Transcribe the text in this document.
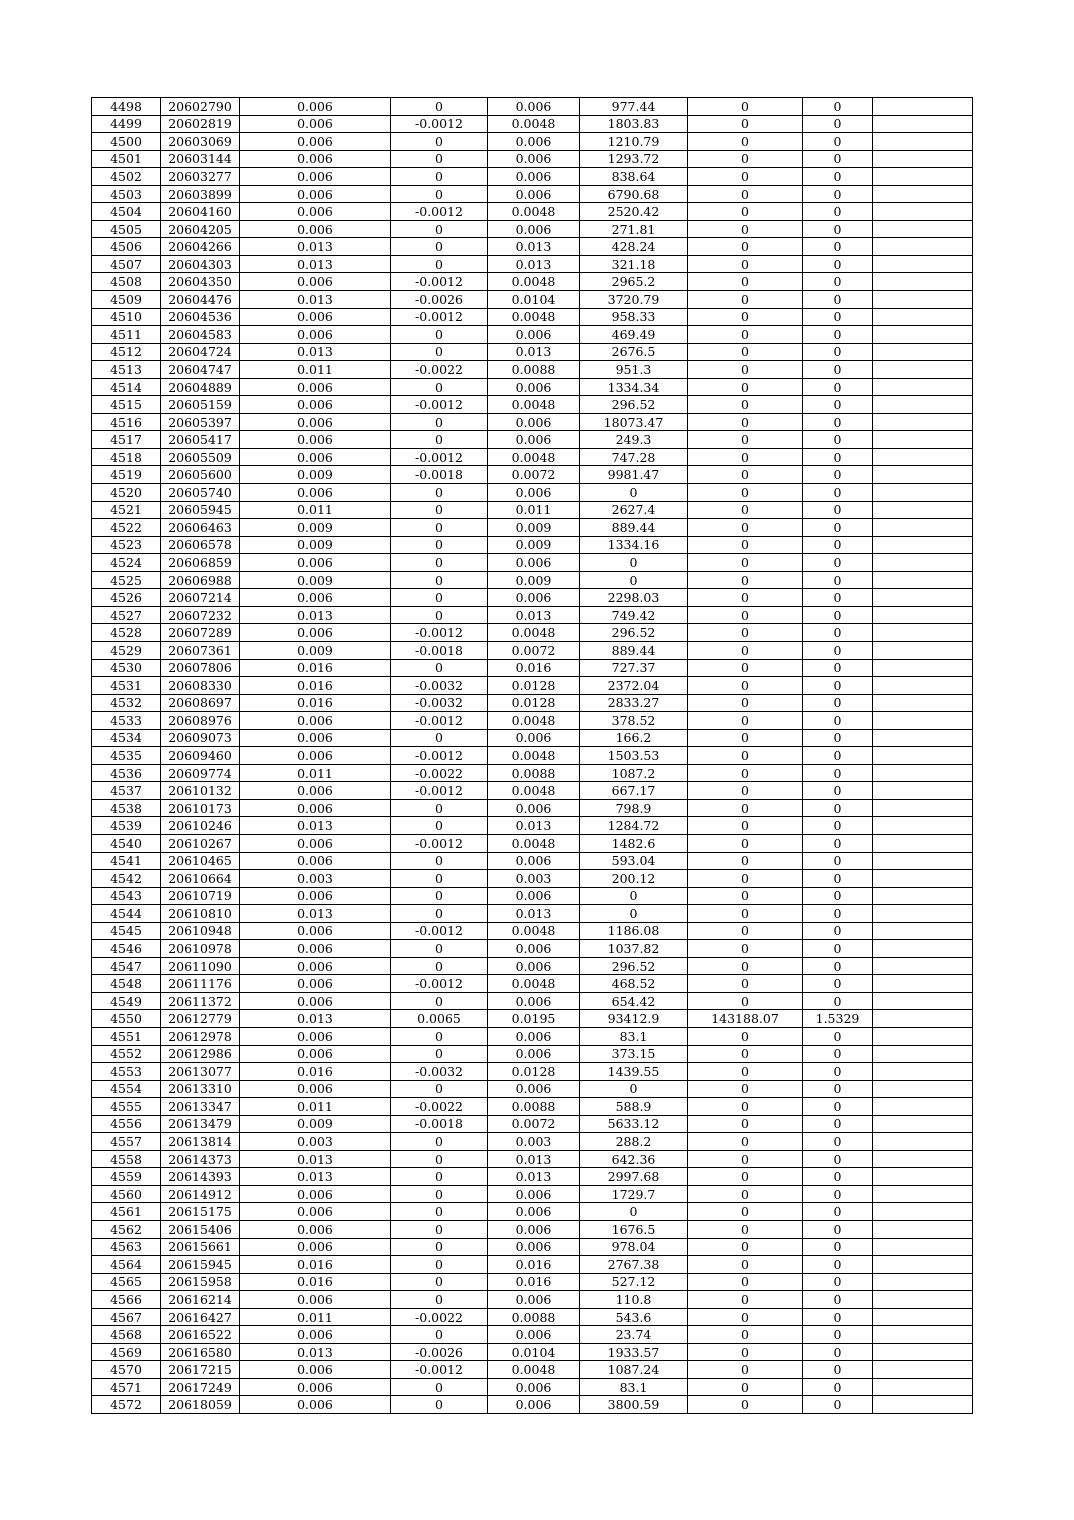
4498	20602790	0.006	0	0.006	977.44	0	0	
4499	20602819	0.006	-0.0012	0.0048	1803.83	0	0	
4500	20603069	0.006	0	0.006	1210.79	0	0	
4501	20603144	0.006	0	0.006	1293.72	0	0	
4502	20603277	0.006	0	0.006	838.64	0	0	
4503	20603899	0.006	0	0.006	6790.68	0	0	
4504	20604160	0.006	-0.0012	0.0048	2520.42	0	0	
4505	20604205	0.006	0	0.006	271.81	0	0	
4506	20604266	0.013	0	0.013	428.24	0	0	
4507	20604303	0.013	0	0.013	321.18	0	0	
4508	20604350	0.006	-0.0012	0.0048	2965.2	0	0	
4509	20604476	0.013	-0.0026	0.0104	3720.79	0	0	
4510	20604536	0.006	-0.0012	0.0048	958.33	0	0	
4511	20604583	0.006	0	0.006	469.49	0	0	
4512	20604724	0.013	0	0.013	2676.5	0	0	
4513	20604747	0.011	-0.0022	0.0088	951.3	0	0	
4514	20604889	0.006	0	0.006	1334.34	0	0	
4515	20605159	0.006	-0.0012	0.0048	296.52	0	0	
4516	20605397	0.006	0	0.006	18073.47	0	0	
4517	20605417	0.006	0	0.006	249.3	0	0	
4518	20605509	0.006	-0.0012	0.0048	747.28	0	0	
4519	20605600	0.009	-0.0018	0.0072	9981.47	0	0	
4520	20605740	0.006	0	0.006	0	0	0	
4521	20605945	0.011	0	0.011	2627.4	0	0	
4522	20606463	0.009	0	0.009	889.44	0	0	
4523	20606578	0.009	0	0.009	1334.16	0	0	
4524	20606859	0.006	0	0.006	0	0	0	
4525	20606988	0.009	0	0.009	0	0	0	
4526	20607214	0.006	0	0.006	2298.03	0	0	
4527	20607232	0.013	0	0.013	749.42	0	0	
4528	20607289	0.006	-0.0012	0.0048	296.52	0	0	
4529	20607361	0.009	-0.0018	0.0072	889.44	0	0	
4530	20607806	0.016	0	0.016	727.37	0	0	
4531	20608330	0.016	-0.0032	0.0128	2372.04	0	0	
4532	20608697	0.016	-0.0032	0.0128	2833.27	0	0	
4533	20608976	0.006	-0.0012	0.0048	378.52	0	0	
4534	20609073	0.006	0	0.006	166.2	0	0	
4535	20609460	0.006	-0.0012	0.0048	1503.53	0	0	
4536	20609774	0.011	-0.0022	0.0088	1087.2	0	0	
4537	20610132	0.006	-0.0012	0.0048	667.17	0	0	
4538	20610173	0.006	0	0.006	798.9	0	0	
4539	20610246	0.013	0	0.013	1284.72	0	0	
4540	20610267	0.006	-0.0012	0.0048	1482.6	0	0	
4541	20610465	0.006	0	0.006	593.04	0	0	
4542	20610664	0.003	0	0.003	200.12	0	0	
4543	20610719	0.006	0	0.006	0	0	0	
4544	20610810	0.013	0	0.013	0	0	0	
4545	20610948	0.006	-0.0012	0.0048	1186.08	0	0	
4546	20610978	0.006	0	0.006	1037.82	0	0	
4547	20611090	0.006	0	0.006	296.52	0	0	
4548	20611176	0.006	-0.0012	0.0048	468.52	0	0	
4549	20611372	0.006	0	0.006	654.42	0	0	
4550	20612779	0.013	0.0065	0.0195	93412.9	143188.07	1.5329	
4551	20612978	0.006	0	0.006	83.1	0	0	
4552	20612986	0.006	0	0.006	373.15	0	0	
4553	20613077	0.016	-0.0032	0.0128	1439.55	0	0	
4554	20613310	0.006	0	0.006	0	0	0	
4555	20613347	0.011	-0.0022	0.0088	588.9	0	0	
4556	20613479	0.009	-0.0018	0.0072	5633.12	0	0	
4557	20613814	0.003	0	0.003	288.2	0	0	
4558	20614373	0.013	0	0.013	642.36	0	0	
4559	20614393	0.013	0	0.013	2997.68	0	0	
4560	20614912	0.006	0	0.006	1729.7	0	0	
4561	20615175	0.006	0	0.006	0	0	0	
4562	20615406	0.006	0	0.006	1676.5	0	0	
4563	20615661	0.006	0	0.006	978.04	0	0	
4564	20615945	0.016	0	0.016	2767.38	0	0	
4565	20615958	0.016	0	0.016	527.12	0	0	
4566	20616214	0.006	0	0.006	110.8	0	0	
4567	20616427	0.011	-0.0022	0.0088	543.6	0	0	
4568	20616522	0.006	0	0.006	23.74	0	0	
4569	20616580	0.013	-0.0026	0.0104	1933.57	0	0	
4570	20617215	0.006	-0.0012	0.0048	1087.24	0	0	
4571	20617249	0.006	0	0.006	83.1	0	0	
4572	20618059	0.006	0	0.006	3800.59	0	0	
